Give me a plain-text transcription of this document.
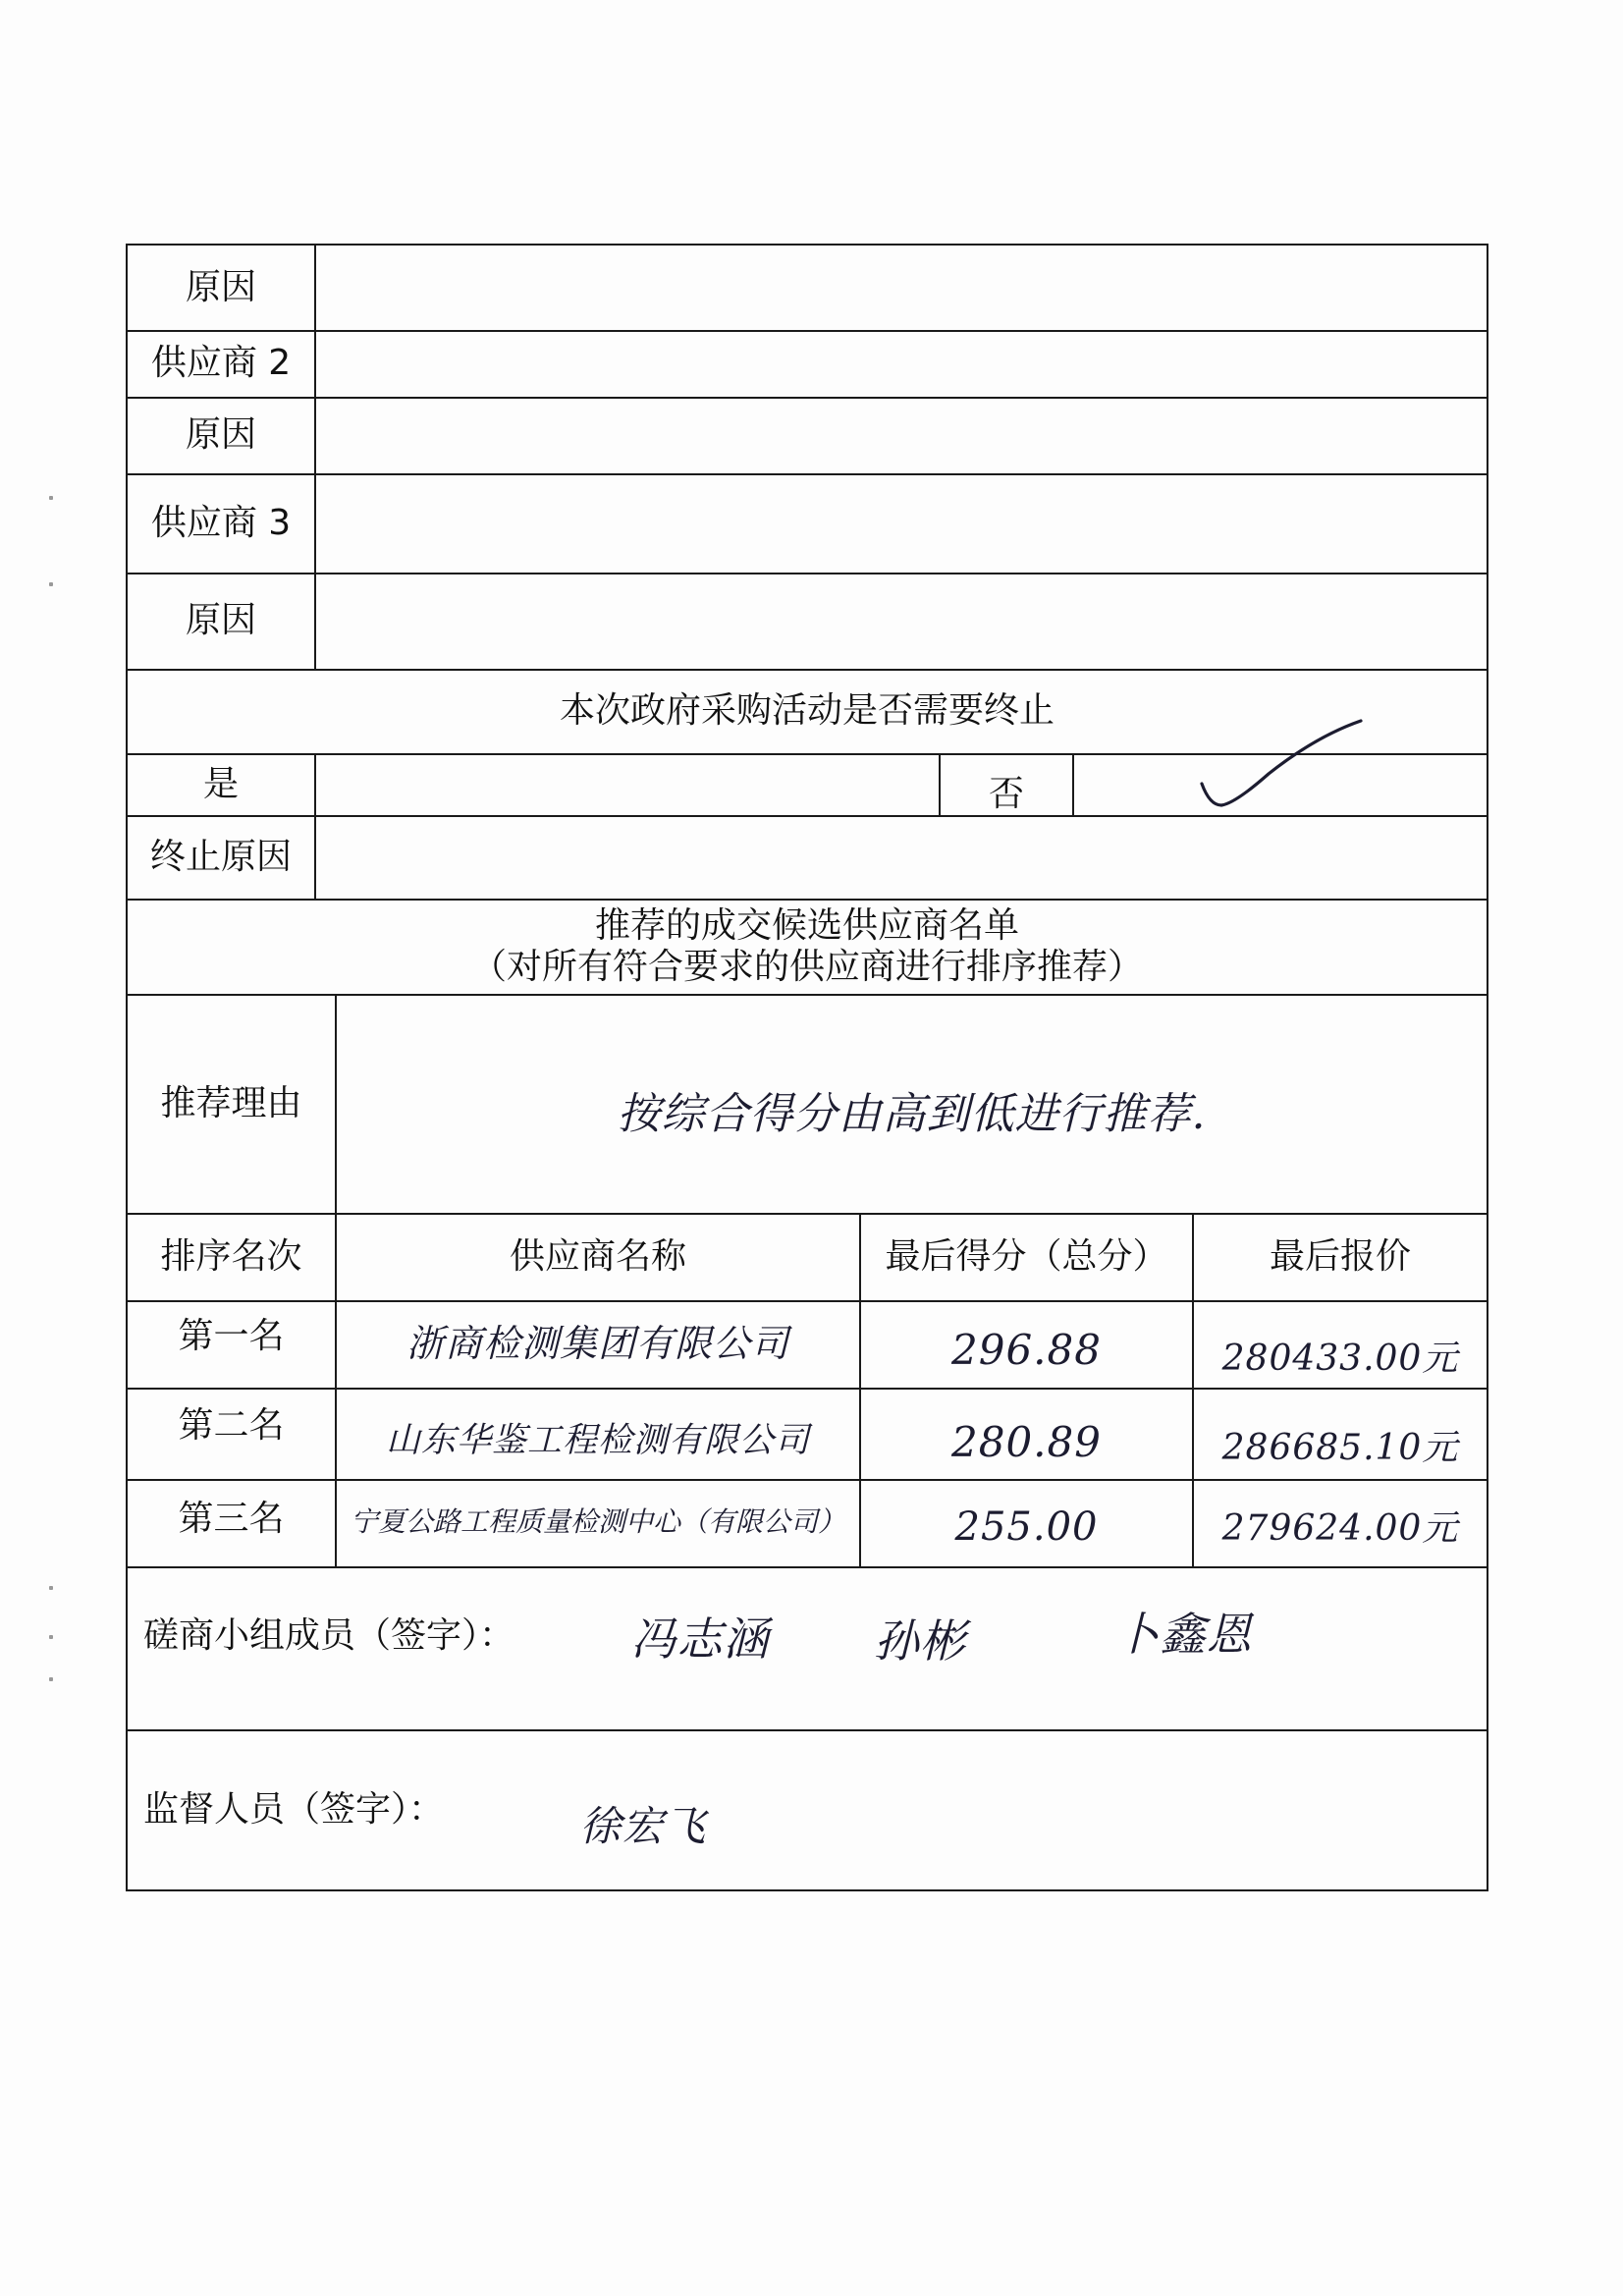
原因
供应商 2
原因
供应商 3
原因
本次政府采购活动是否需要终止
是	否
终止原因
推荐的成交候选供应商名单
（对所有符合要求的供应商进行排序推荐）
推荐理由	按综合得分由高到低进行推荐.
排序名次	供应商名称	最后得分（总分）	最后报价
第一名	浙商检测集团有限公司	296.88	280433.00元
第二名	山东华鉴工程检测有限公司	280.89	286685.10元
第三名	宁夏公路工程质量检测中心（有限公司）	255.00	279624.00元
磋商小组成员（签字）：	冯志涵	孙彬	卜鑫恩
监督人员（签字）：	徐宏飞
